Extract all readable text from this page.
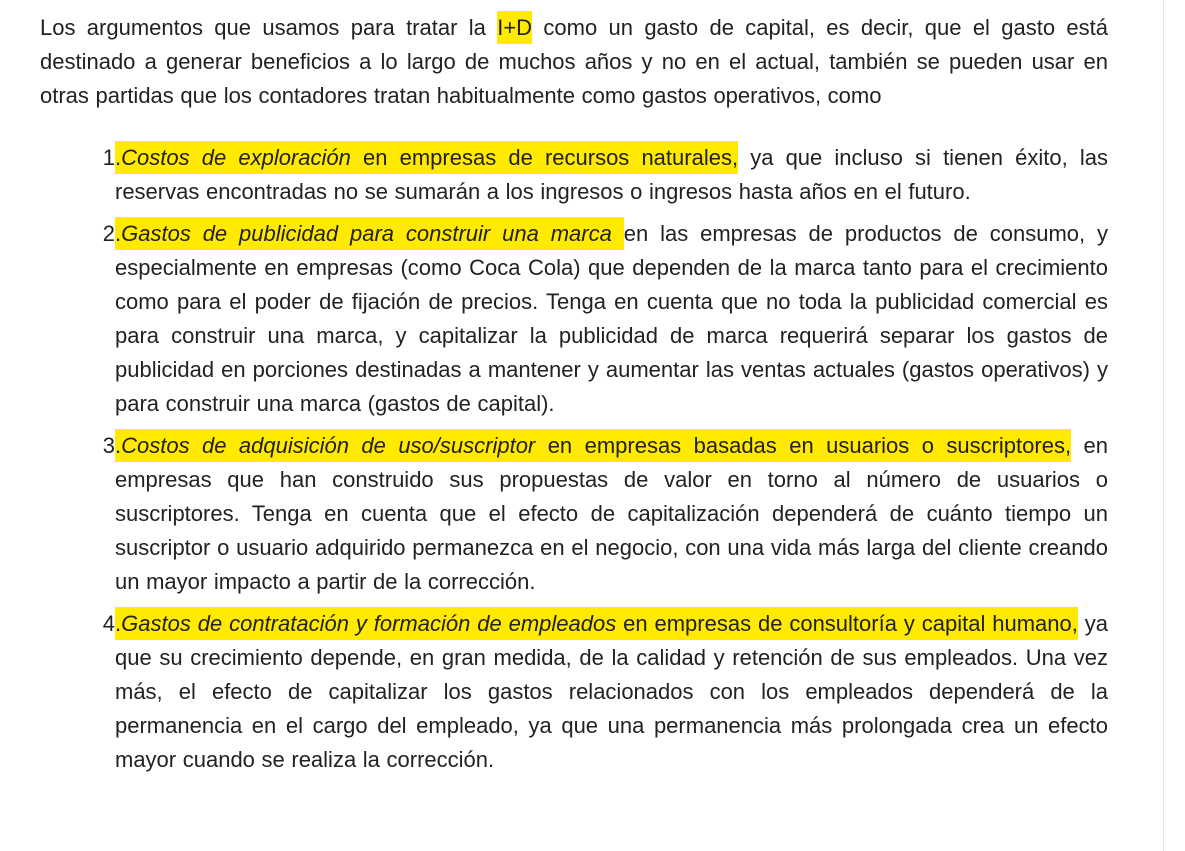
Los argumentos que usamos para tratar la I+D como un gasto de capital, es decir, que el gasto está destinado a generar beneficios a lo largo de muchos años y no en el actual, también se pueden usar en otras partidas que los contadores tratan habitualmente como gastos operativos, como

1 .Costos de exploración en empresas de recursos naturales, ya que incluso si tienen éxito, las reservas encontradas no se sumarán a los ingresos o ingresos hasta años en el futuro.
2 .Gastos de publicidad para construir una marca en las empresas de productos de consumo, y especialmente en empresas (como Coca Cola) que dependen de la marca tanto para el crecimiento como para el poder de fijación de precios. Tenga en cuenta que no toda la publicidad comercial es para construir una marca, y capitalizar la publicidad de marca requerirá separar los gastos de publicidad en porciones destinadas a mantener y aumentar las ventas actuales (gastos operativos) y para construir una marca (gastos de capital).
3 .Costos de adquisición de uso/suscriptor en empresas basadas en usuarios o suscriptores, en empresas que han construido sus propuestas de valor en torno al número de usuarios o suscriptores. Tenga en cuenta que el efecto de capitalización dependerá de cuánto tiempo un suscriptor o usuario adquirido permanezca en el negocio, con una vida más larga del cliente creando un mayor impacto a partir de la corrección.
4 .Gastos de contratación y formación de empleados en empresas de consultoría y capital humano, ya que su crecimiento depende, en gran medida, de la calidad y retención de sus empleados. Una vez más, el efecto de capitalizar los gastos relacionados con los empleados dependerá de la permanencia en el cargo del empleado, ya que una permanencia más prolongada crea un efecto mayor cuando se realiza la corrección.
